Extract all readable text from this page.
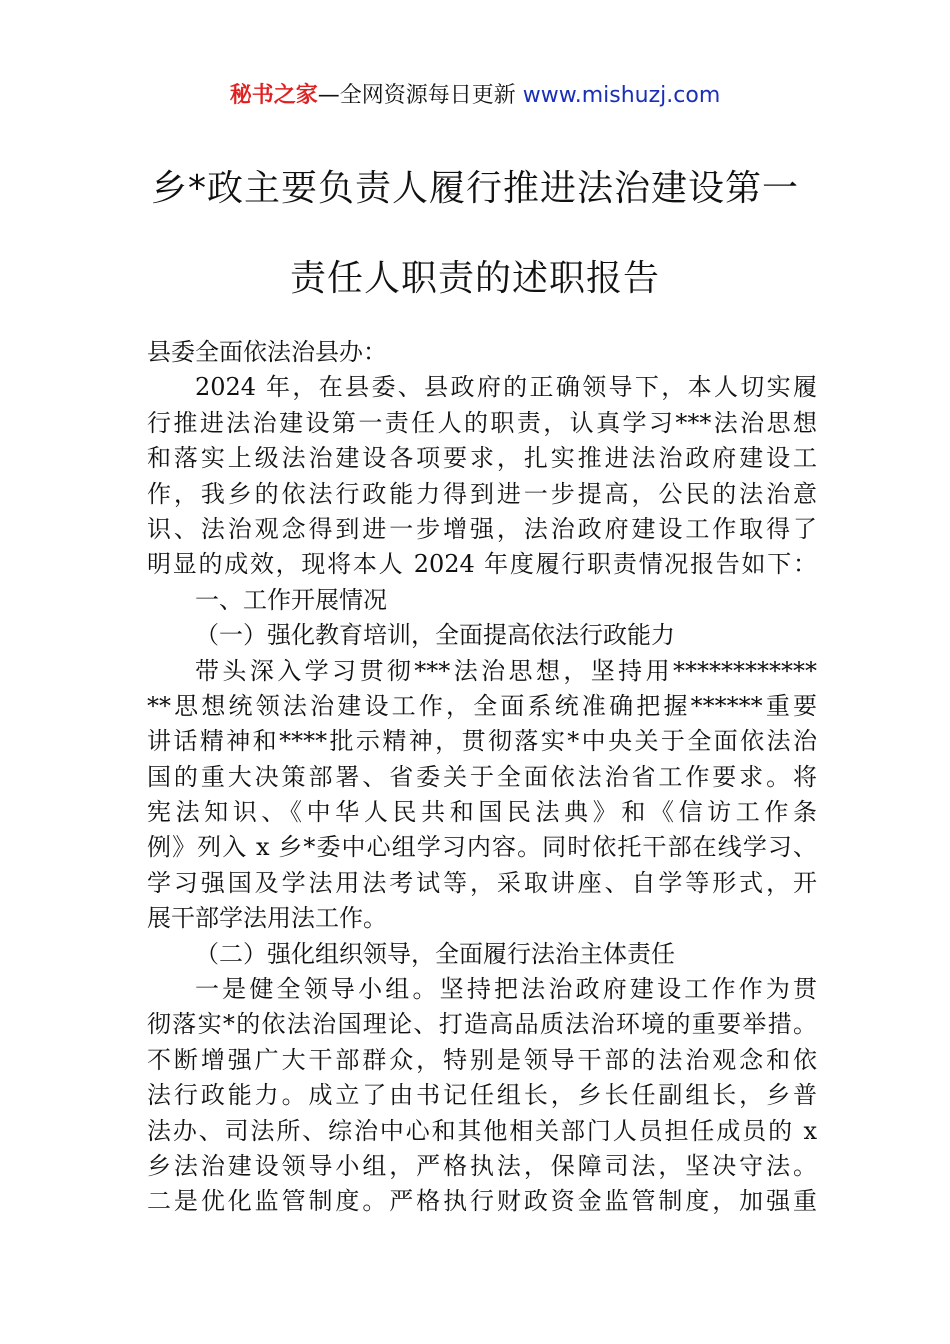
秘书之家—全网资源每日更新 www.mishuzj.com
乡*政主要负责人履行推进法治建设第一
责任人职责的述职报告
县委全面依法治县办：
2024 年，在县委、县政府的正确领导下，本人切实履
行推进法治建设第一责任人的职责，认真学习***法治思想
和落实上级法治建设各项要求，扎实推进法治政府建设工
作，我乡的依法行政能力得到进一步提高，公民的法治意
识、法治观念得到进一步增强，法治政府建设工作取得了
明显的成效，现将本人 2024 年度履行职责情况报告如下：
一、工作开展情况
（一）强化教育培训，全面提高依法行政能力
带头深入学习贯彻***法治思想，坚持用************
**思想统领法治建设工作，全面系统准确把握******重要
讲话精神和****批示精神，贯彻落实*中央关于全面依法治
国的重大决策部署、省委关于全面依法治省工作要求。将
宪法知识、《中华人民共和国民法典》和《信访工作条
例》列入 x 乡*委中心组学习内容。同时依托干部在线学习、
学习强国及学法用法考试等，采取讲座、自学等形式，开
展干部学法用法工作。
（二）强化组织领导，全面履行法治主体责任
一是健全领导小组。坚持把法治政府建设工作作为贯
彻落实*的依法治国理论、打造高品质法治环境的重要举措。
不断增强广大干部群众，特别是领导干部的法治观念和依
法行政能力。成立了由书记任组长，乡长任副组长，乡普
法办、司法所、综治中心和其他相关部门人员担任成员的 x
乡法治建设领导小组，严格执法，保障司法，坚决守法。
二是优化监管制度。严格执行财政资金监管制度，加强重
